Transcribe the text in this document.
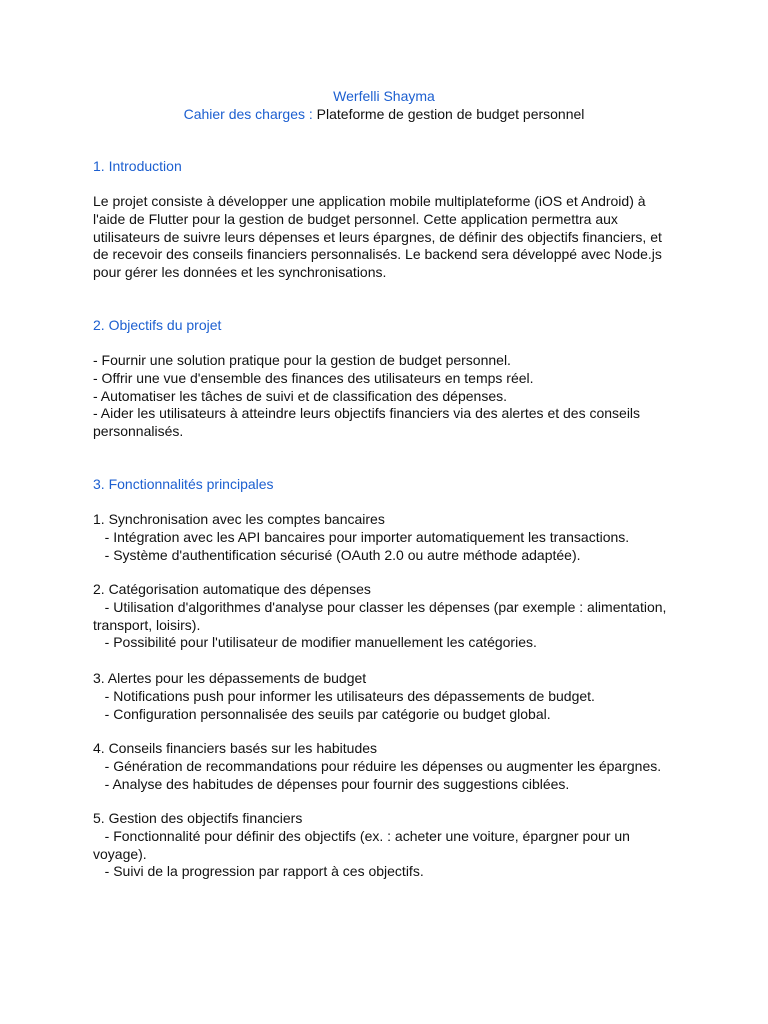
Werfelli Shayma
Cahier des charges : Plateforme de gestion de budget personnel
1. Introduction
Le projet consiste à développer une application mobile multiplateforme (iOS et Android) à
l'aide de Flutter pour la gestion de budget personnel. Cette application permettra aux
utilisateurs de suivre leurs dépenses et leurs épargnes, de définir des objectifs financiers, et
de recevoir des conseils financiers personnalisés. Le backend sera développé avec Node.js
pour gérer les données et les synchronisations.
2. Objectifs du projet
- Fournir une solution pratique pour la gestion de budget personnel.
- Offrir une vue d'ensemble des finances des utilisateurs en temps réel.
- Automatiser les tâches de suivi et de classification des dépenses.
- Aider les utilisateurs à atteindre leurs objectifs financiers via des alertes et des conseils
personnalisés.
3. Fonctionnalités principales
1. Synchronisation avec les comptes bancaires
- Intégration avec les API bancaires pour importer automatiquement les transactions.
- Système d'authentification sécurisé (OAuth 2.0 ou autre méthode adaptée).
2. Catégorisation automatique des dépenses
- Utilisation d'algorithmes d'analyse pour classer les dépenses (par exemple : alimentation,
transport, loisirs).
- Possibilité pour l'utilisateur de modifier manuellement les catégories.
3. Alertes pour les dépassements de budget
- Notifications push pour informer les utilisateurs des dépassements de budget.
- Configuration personnalisée des seuils par catégorie ou budget global.
4. Conseils financiers basés sur les habitudes
- Génération de recommandations pour réduire les dépenses ou augmenter les épargnes.
- Analyse des habitudes de dépenses pour fournir des suggestions ciblées.
5. Gestion des objectifs financiers
- Fonctionnalité pour définir des objectifs (ex. : acheter une voiture, épargner pour un
voyage).
- Suivi de la progression par rapport à ces objectifs.
